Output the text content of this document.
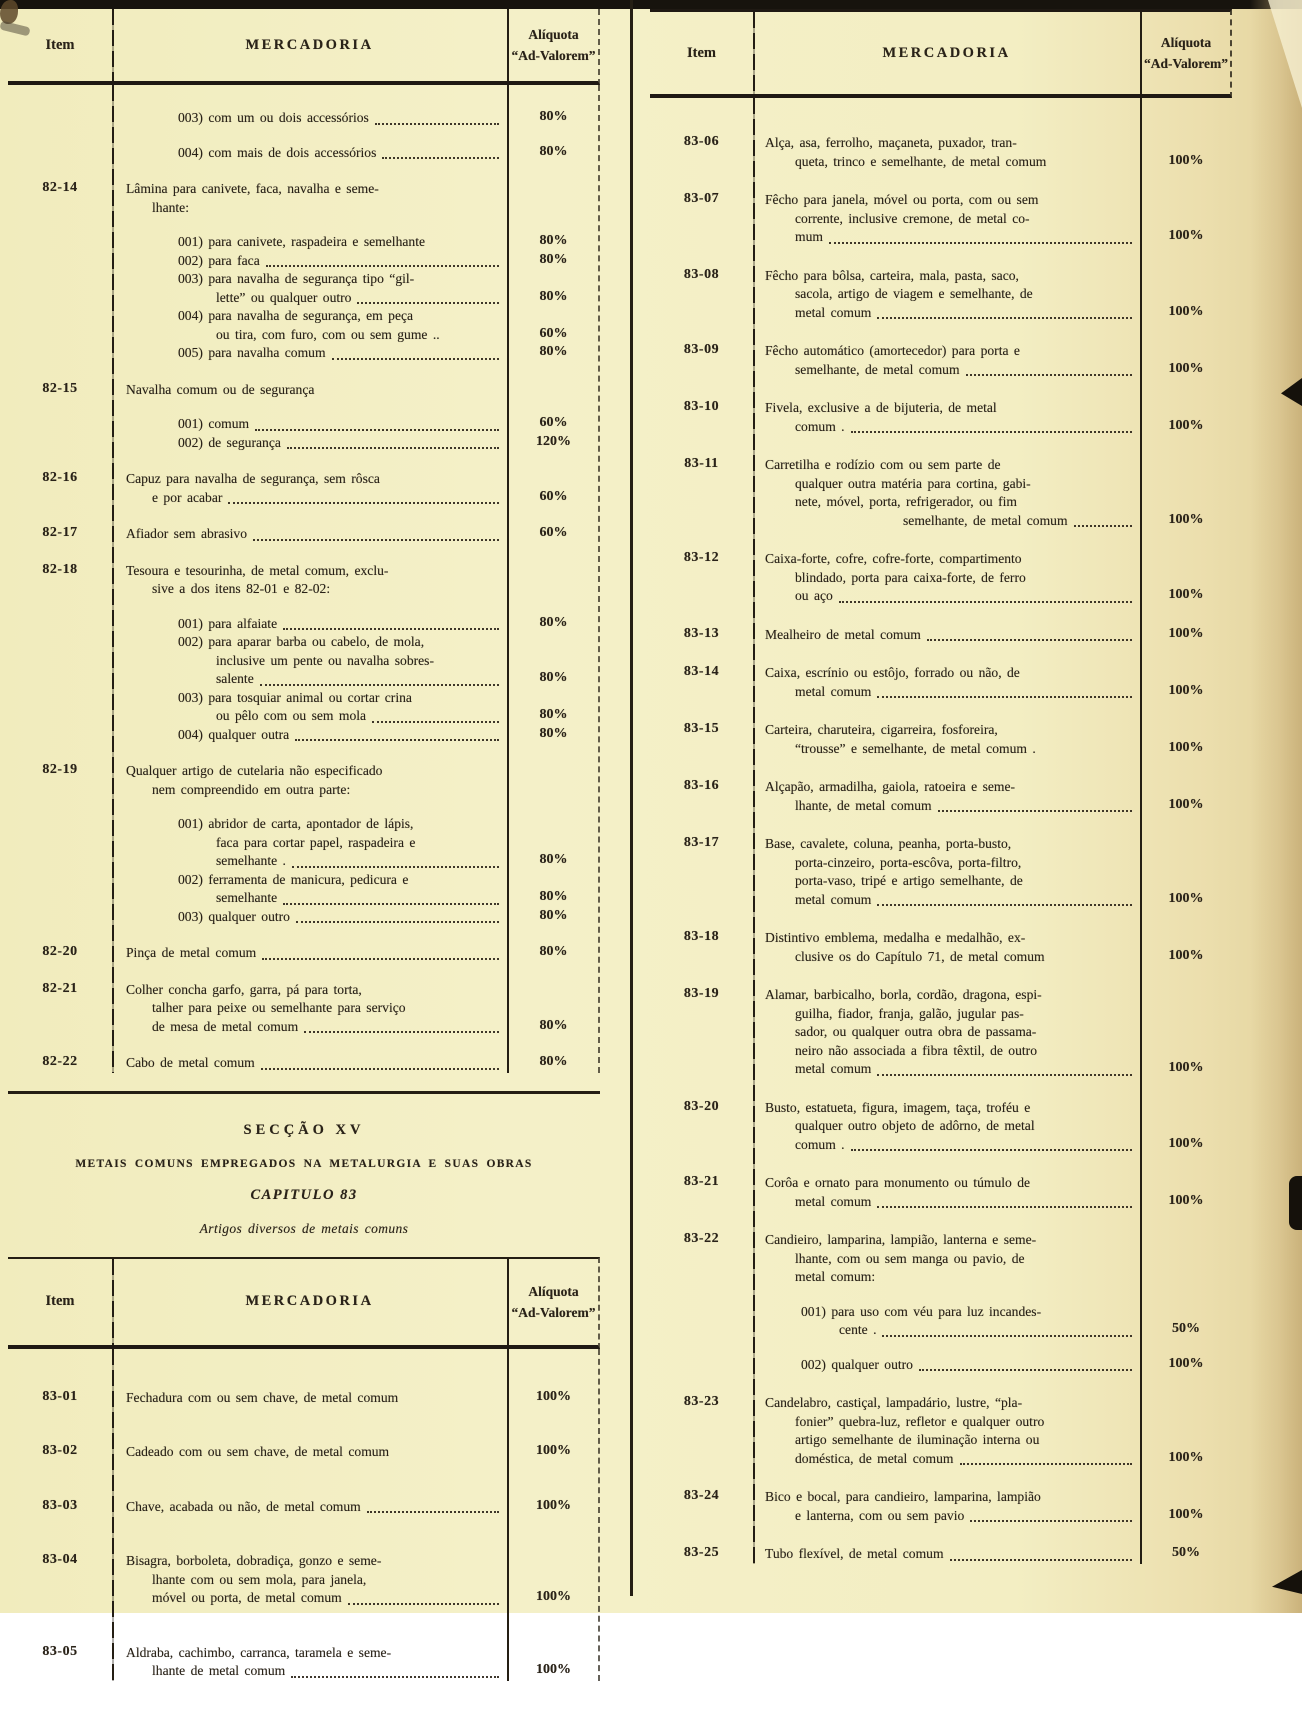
Item	MERCADORIA
Alíquota
“Ad-Valorem”
003) com um ou dois accessórios	80%
004) com mais de dois accessórios	80%
82-14	Lâmina para canivete, faca, navalha e seme-
lhante:
001) para canivete, raspadeira e semelhante	80%
002) para faca	80%
003) para navalha de segurança tipo “gil-
lette” ou qualquer outro	80%
004) para navalha de segurança, em peça
ou tira, com furo, com ou sem gume ..	60%
005) para navalha comum	80%
82-15	Navalha comum ou de segurança
001) comum	60%
002) de segurança	120%
82-16	Capuz para navalha de segurança, sem rôsca
e por acabar	60%
82-17	Afiador sem abrasivo	60%
82-18	Tesoura e tesourinha, de metal comum, exclu-
sive a dos itens 82-01 e 82-02:
001) para alfaiate	80%
002) para aparar barba ou cabelo, de mola,
inclusive um pente ou navalha sobres-
salente	80%
003) para tosquiar animal ou cortar crina
ou pêlo com ou sem mola	80%
004) qualquer outra	80%
82-19	Qualquer artigo de cutelaria não especificado
nem compreendido em outra parte:
001) abridor de carta, apontador de lápis,
faca para cortar papel, raspadeira e
semelhante .	80%
002) ferramenta de manicura, pedicura e
semelhante	80%
003) qualquer outro	80%
82-20	Pinça de metal comum	80%
82-21	Colher concha garfo, garra, pá para torta,
talher para peixe ou semelhante para serviço
de mesa de metal comum	80%
82-22	Cabo de metal comum	80%
SECÇÃO XV
METAIS COMUNS EMPREGADOS NA METALURGIA E SUAS OBRAS
CAPITULO 83
Artigos diversos de metais comuns
Item	MERCADORIA
Alíquota
“Ad-Valorem”
83-01	Fechadura com ou sem chave, de metal comum	100%
83-02	Cadeado com ou sem chave, de metal comum	100%
83-03	Chave, acabada ou não, de metal comum	100%
83-04	Bisagra, borboleta, dobradiça, gonzo e seme-
lhante com ou sem mola, para janela,
móvel ou porta, de metal comum	100%
83-05	Aldraba, cachimbo, carranca, taramela e seme-
lhante de metal comum	100%
Item	MERCADORIA
Alíquota
“Ad-Valorem”
83-06	Alça, asa, ferrolho, maçaneta, puxador, tran-
queta, trinco e semelhante, de metal comum	100%
83-07	Fêcho para janela, móvel ou porta, com ou sem
corrente, inclusive cremone, de metal co-
mum	100%
83-08	Fêcho para bôlsa, carteira, mala, pasta, saco,
sacola, artigo de viagem e semelhante, de
metal comum	100%
83-09	Fêcho automático (amortecedor) para porta e
semelhante, de metal comum	100%
83-10	Fivela, exclusive a de bijuteria, de metal
comum .	100%
83-11	Carretilha e rodízio com ou sem parte de
qualquer outra matéria para cortina, gabi-
nete, móvel, porta, refrigerador, ou fim
semelhante, de metal comum	100%
83-12	Caixa-forte, cofre, cofre-forte, compartimento
blindado, porta para caixa-forte, de ferro
ou aço	100%
83-13	Mealheiro de metal comum	100%
83-14	Caixa, escrínio ou estôjo, forrado ou não, de
metal comum	100%
83-15	Carteira, charuteira, cigarreira, fosforeira,
“trousse” e semelhante, de metal comum .	100%
83-16	Alçapão, armadilha, gaiola, ratoeira e seme-
lhante, de metal comum	100%
83-17	Base, cavalete, coluna, peanha, porta-busto,
porta-cinzeiro, porta-escôva, porta-filtro,
porta-vaso, tripé e artigo semelhante, de
metal comum	100%
83-18	Distintivo emblema, medalha e medalhão, ex-
clusive os do Capítulo 71, de metal comum	100%
83-19	Alamar, barbicalho, borla, cordão, dragona, espi-
guilha, fiador, franja, galão, jugular pas-
sador, ou qualquer outra obra de passama-
neiro não associada a fibra têxtil, de outro
metal comum	100%
83-20	Busto, estatueta, figura, imagem, taça, troféu e
qualquer outro objeto de adôrno, de metal
comum .	100%
83-21	Corôa e ornato para monumento ou túmulo de
metal comum	100%
83-22	Candieiro, lamparina, lampião, lanterna e seme-
lhante, com ou sem manga ou pavio, de
metal comum:
001) para uso com véu para luz incandes-
cente .	50%
002) qualquer outro	100%
83-23	Candelabro, castiçal, lampadário, lustre, “pla-
fonier” quebra-luz, refletor e qualquer outro
artigo semelhante de iluminação interna ou
doméstica, de metal comum	100%
83-24	Bico e bocal, para candieiro, lamparina, lampião
e lanterna, com ou sem pavio	100%
83-25	Tubo flexível, de metal comum	50%
